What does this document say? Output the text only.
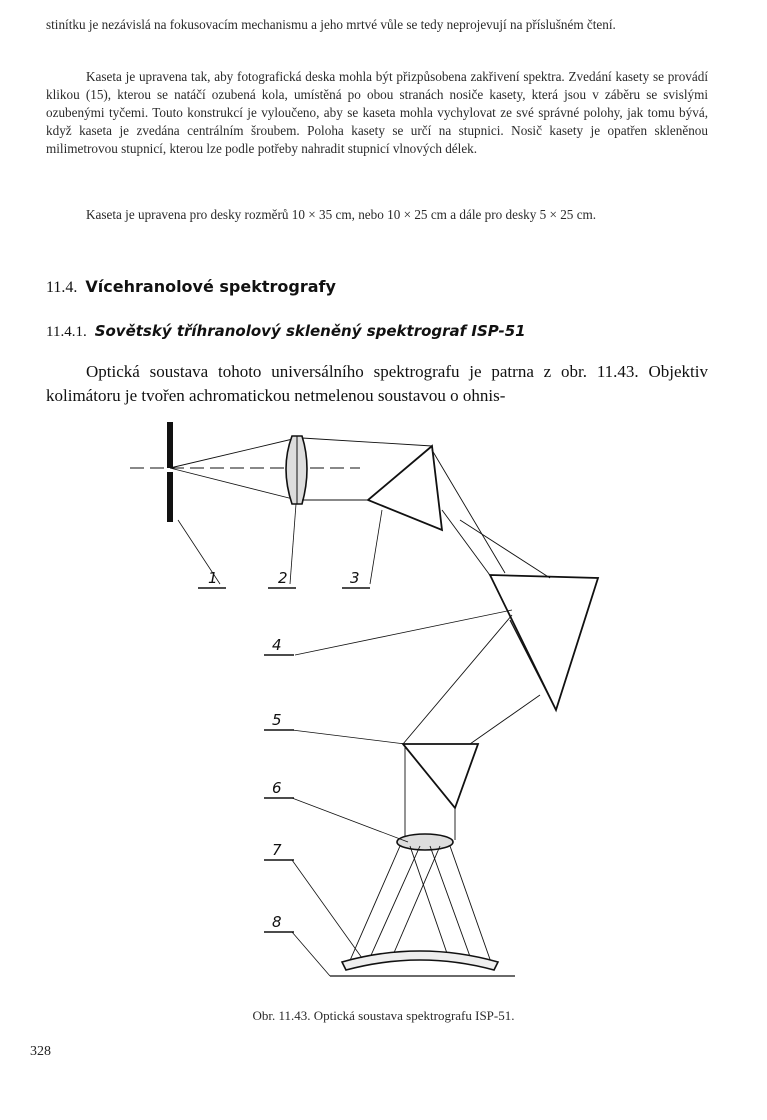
stinítku je nezávislá na fokusovacím mechanismu a jeho mrtvé vůle se tedy neprojevují na příslušném čtení.

Kaseta je upravena tak, aby fotografická deska mohla být přizpůsobena zakřivení spektra. Zvedání kasety se provádí klikou (15), kterou se natáčí ozubená kola, umístěná po obou stranách nosiče kasety, která jsou v záběru se svislými ozubenými tyčemi. Touto konstrukcí je vyloučeno, aby se kaseta mohla vychylovat ze své správné polohy, jak tomu bývá, když kaseta je zvedána centrálním šroubem. Poloha kasety se určí na stupnici. Nosič kasety je opatřen skleněnou milimetrovou stupnicí, kterou lze podle potřeby nahradit stupnicí vlnových délek.

Kaseta je upravena pro desky rozměrů 10 × 35 cm, nebo 10 × 25 cm a dále pro desky 5 × 25 cm.

11.4. Vícehranolové spektrografy
11.4.1. Sovětský tříhranolový skleněný spektrograf ISP-51

Optická soustava tohoto universálního spektrografu je patrna z obr. 11.43. Objektiv kolimátoru je tvořen achromatickou netmelenou soustavou o ohnis-

1	2	3
4
5
6
7
8
Obr. 11.43. Optická soustava spektrografu ISP-51.
328
